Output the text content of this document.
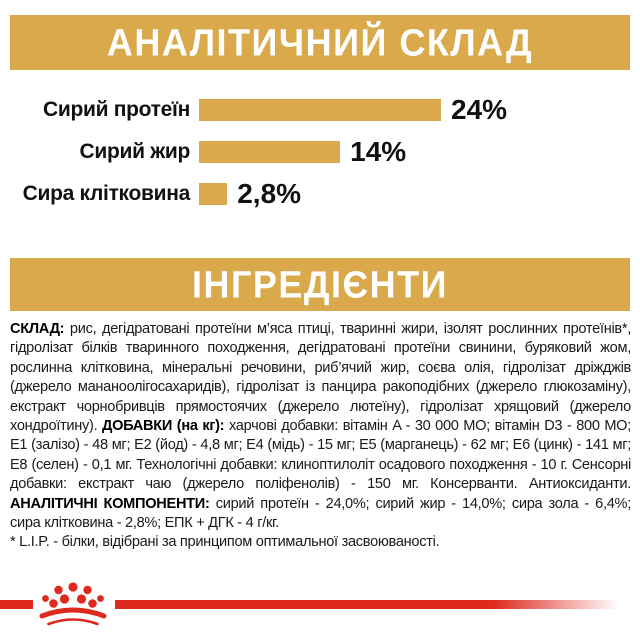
АНАЛІТИЧНИЙ СКЛАД
Сирий протеїн	24%
Сирий жир	14%
Сира клітковина	2,8%
ІНГРЕДІЄНТИ

СКЛАД: рис, дегідратовані протеїни м’яса птиці, тваринні жири, ізолят рослинних протеїнів*, гідролізат білків тваринного походження, дегідратовані протеїни свинини, буряковий жом, рослинна клітковина, мінеральні речовини, риб’ячий жир, соєва олія, гідролізат дріжджів (джерело мананоолігосахаридів), гідролізат із панцира ракоподібних (джерело глюкозаміну), екстракт чорнобривців прямостоячих (джерело лютеїну), гідролізат хрящовий (джерело хондроїтину). ДОБАВКИ (на кг): харчові добавки: вітамін A - 30 000 МО; вітамін D3 - 800 МО; E1 (залізо) - 48 мг; E2 (йод) - 4,8 мг; E4 (мідь) - 15 мг; E5 (марганець) - 62 мг; E6 (цинк) - 141 мг; E8 (селен) - 0,1 мг. Технологічні добавки: клиноптилоліт осадового походження - 10 г. Сенсорні добавки: екстракт чаю (джерело поліфенолів) - 150 мг. Консерванти. Антиоксиданти. АНАЛІТИЧНІ КОМПОНЕНТИ: сирий протеїн - 24,0%; сирий жир - 14,0%; сира зола - 6,4%; сира клітковина - 2,8%; ЕПК + ДГК - 4 г/кг.

* L.I.P. - білки, відібрані за принципом оптимальної засвоюваності.
